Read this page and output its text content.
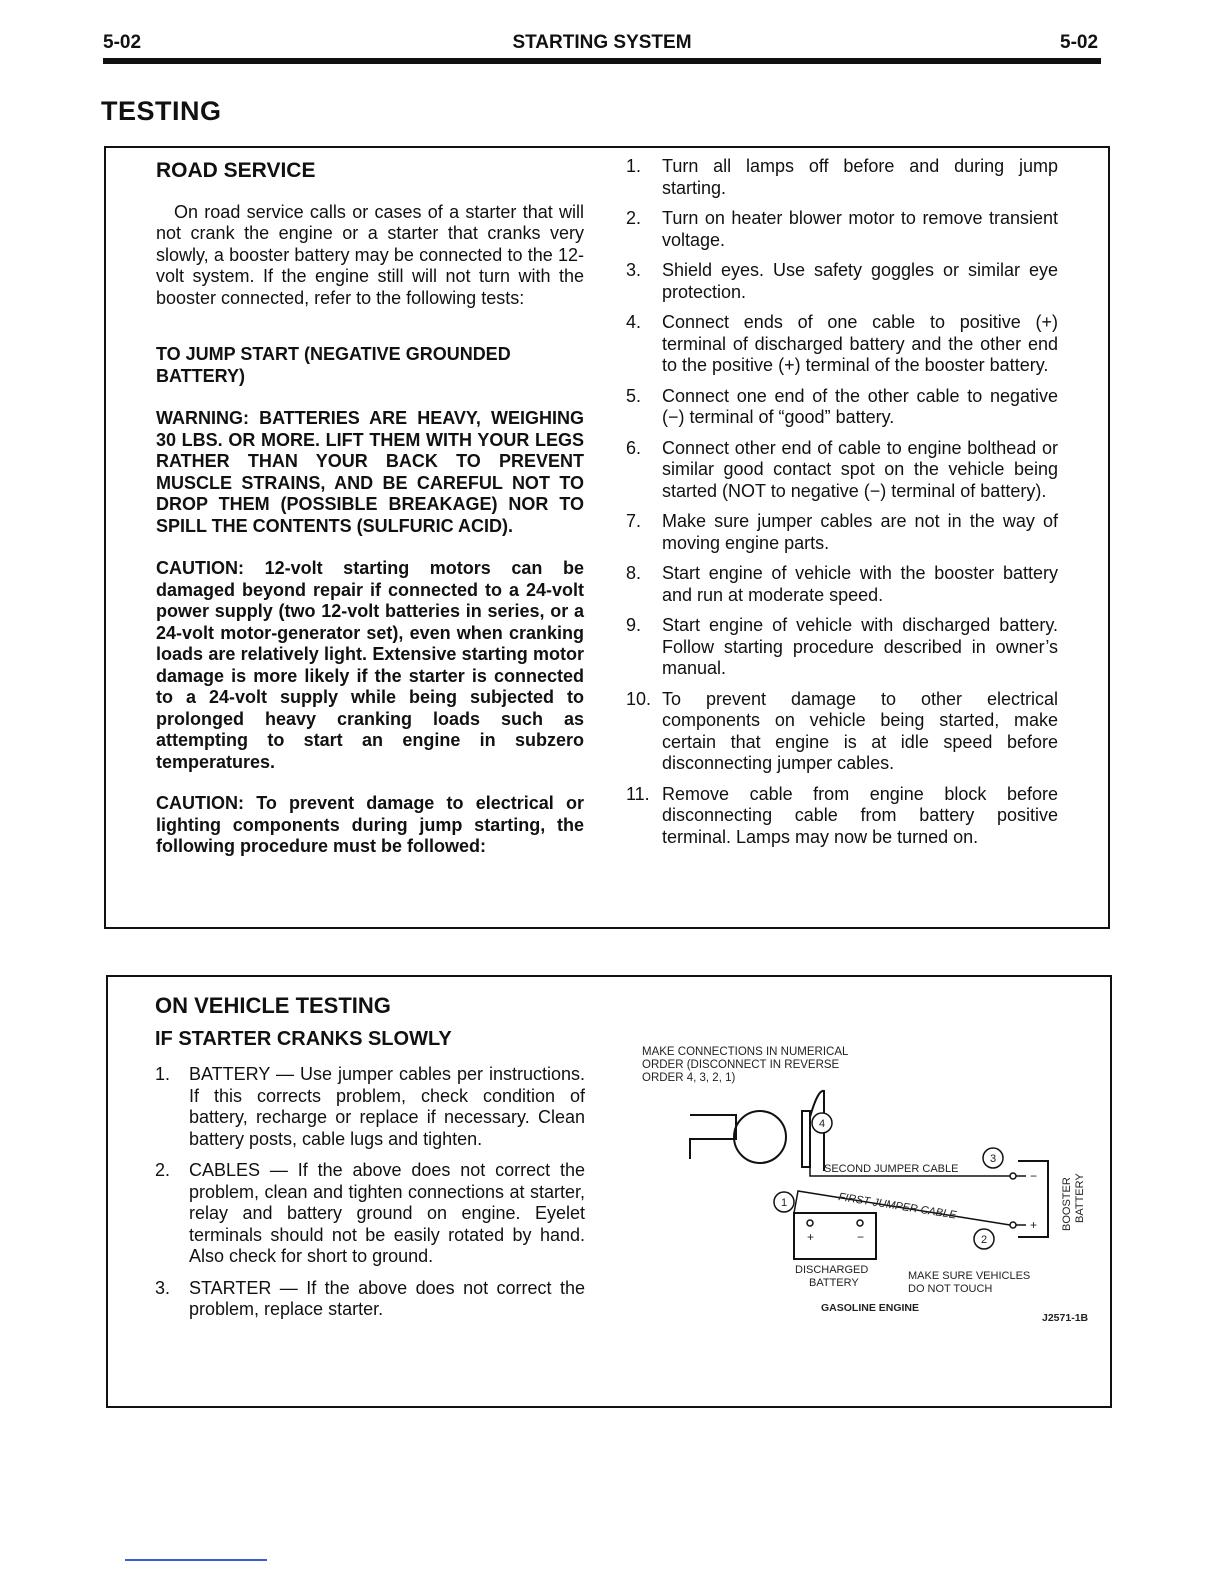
5-02	STARTING SYSTEM	5-02
TESTING
ROAD SERVICE

On road service calls or cases of a starter that will not crank the engine or a starter that cranks very slowly, a booster battery may be connected to the 12-volt system. If the engine still will not turn with the booster connected, refer to the following tests:

TO JUMP START (NEGATIVE GROUNDED BATTERY)

WARNING: BATTERIES ARE HEAVY, WEIGHING 30 LBS. OR MORE. LIFT THEM WITH YOUR LEGS RATHER THAN YOUR BACK TO PREVENT MUSCLE STRAINS, AND BE CAREFUL NOT TO DROP THEM (POSSIBLE BREAKAGE) NOR TO SPILL THE CONTENTS (SULFURIC ACID).

CAUTION: 12-volt starting motors can be damaged beyond repair if connected to a 24-volt power supply (two 12-volt batteries in series, or a 24-volt motor-generator set), even when cranking loads are relatively light. Extensive starting motor damage is more likely if the starter is connected to a 24-volt supply while being subjected to prolonged heavy cranking loads such as attempting to start an engine in subzero temperatures.

CAUTION: To prevent damage to electrical or lighting components during jump starting, the following procedure must be followed:

1.	Turn all lamps off before and during jump starting.
2.	Turn on heater blower motor to remove transient voltage.
3.	Shield eyes. Use safety goggles or similar eye protection.
4.	Connect ends of one cable to positive (+) terminal of discharged battery and the other end to the positive (+) terminal of the booster battery.
5.	Connect one end of the other cable to negative (−) terminal of “good” battery.
6.	Connect other end of cable to engine bolthead or similar good contact spot on the vehicle being started (NOT to negative (−) terminal of battery).
7.	Make sure jumper cables are not in the way of moving engine parts.
8.	Start engine of vehicle with the booster battery and run at moderate speed.
9.	Start engine of vehicle with discharged battery. Follow starting procedure described in owner’s manual.
10. To prevent damage to other electrical components on vehicle being started, make certain that engine is at idle speed before disconnecting jumper cables.
11. Remove cable from engine block before disconnecting cable from battery positive terminal. Lamps may now be turned on.
ON VEHICLE TESTING
IF STARTER CRANKS SLOWLY
1.	BATTERY — Use jumper cables per instructions. If this corrects problem, check condition of battery, recharge or replace if necessary. Clean battery posts, cable lugs and tighten.
2.	CABLES — If the above does not correct the problem, clean and tighten connections at starter, relay and battery ground on engine. Eyelet terminals should not be easily rotated by hand. Also check for short to ground.
3.	STARTER — If the above does not correct the problem, replace starter.
MAKE CONNECTIONS IN NUMERICAL
ORDER (DISCONNECT IN REVERSE
ORDER 4, 3, 2, 1)
SECOND JUMPER CABLE
FIRST JUMPER CABLE
+	−
DISCHARGED
BATTERY
+
−
BOOSTER BATTERY
1
2
3
4
MAKE SURE VEHICLES
DO NOT TOUCH
GASOLINE ENGINE
J2571-1B
